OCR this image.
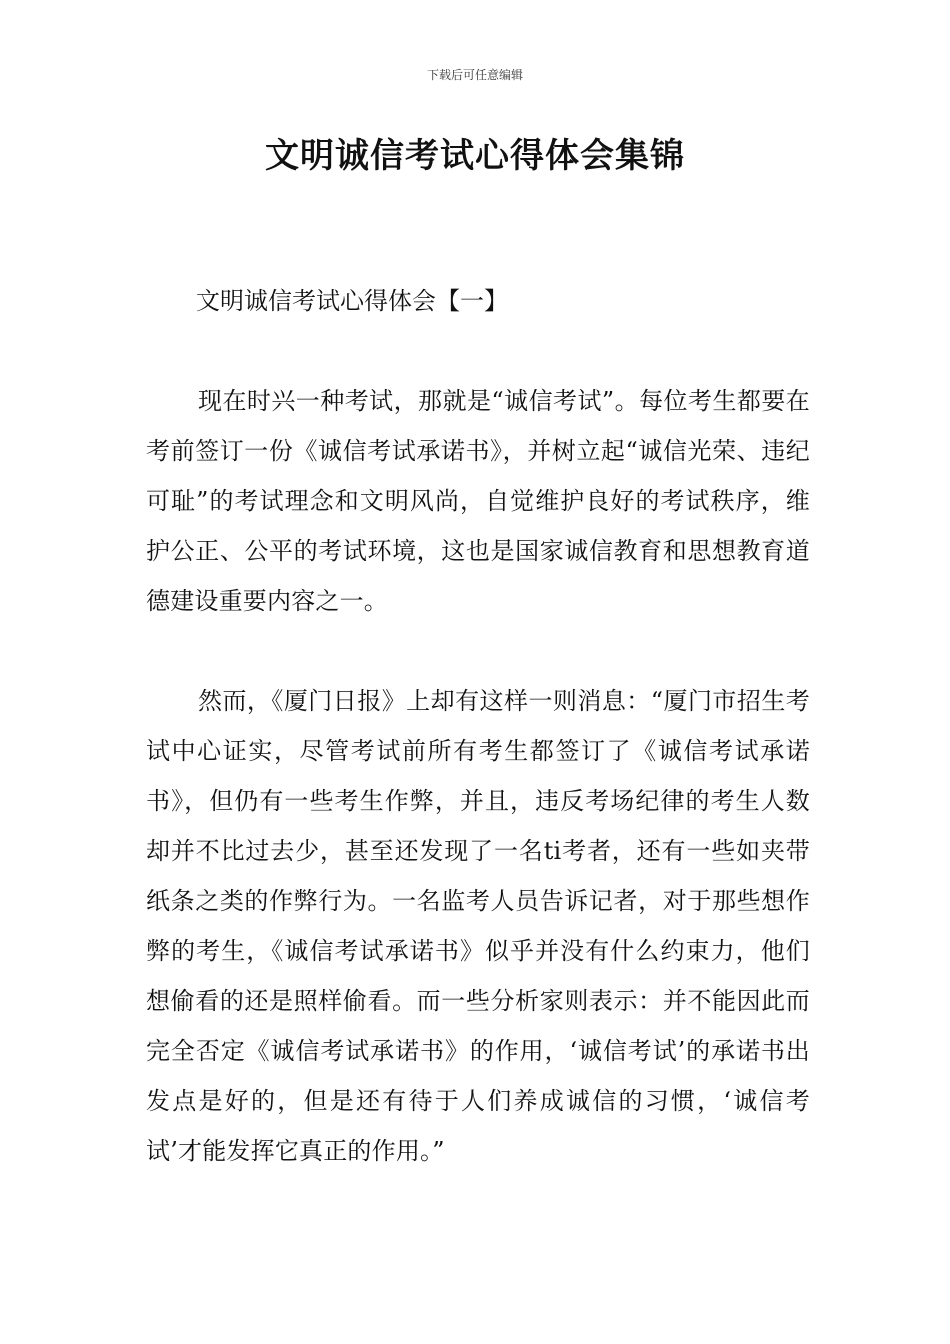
下载后可任意编辑
文明诚信考试心得体会集锦

文明诚信考试心得体会【一】

现在时兴一种考试，那就是“诚信考试”。每位考生都要在考前签订一份《诚信考试承诺书》，并树立起“诚信光荣、违纪可耻”的考试理念和文明风尚，自觉维护良好的考试秩序，维护公正、公平的考试环境，这也是国家诚信教育和思想教育道德建设重要内容之一。

然而，《厦门日报》上却有这样一则消息：“厦门市招生考试中心证实，尽管考试前所有考生都签订了《诚信考试承诺书》，但仍有一些考生作弊，并且，违反考场纪律的考生人数却并不比过去少，甚至还发现了一名ti考者，还有一些如夹带纸条之类的作弊行为。一名监考人员告诉记者，对于那些想作弊的考生，《诚信考试承诺书》似乎并没有什么约束力，他们想偷看的还是照样偷看。而一些分析家则表示：并不能因此而完全否定《诚信考试承诺书》的作用，‘诚信考试’的承诺书出发点是好的，但是还有待于人们养成诚信的习惯，‘诚信考试’才能发挥它真正的作用。”
